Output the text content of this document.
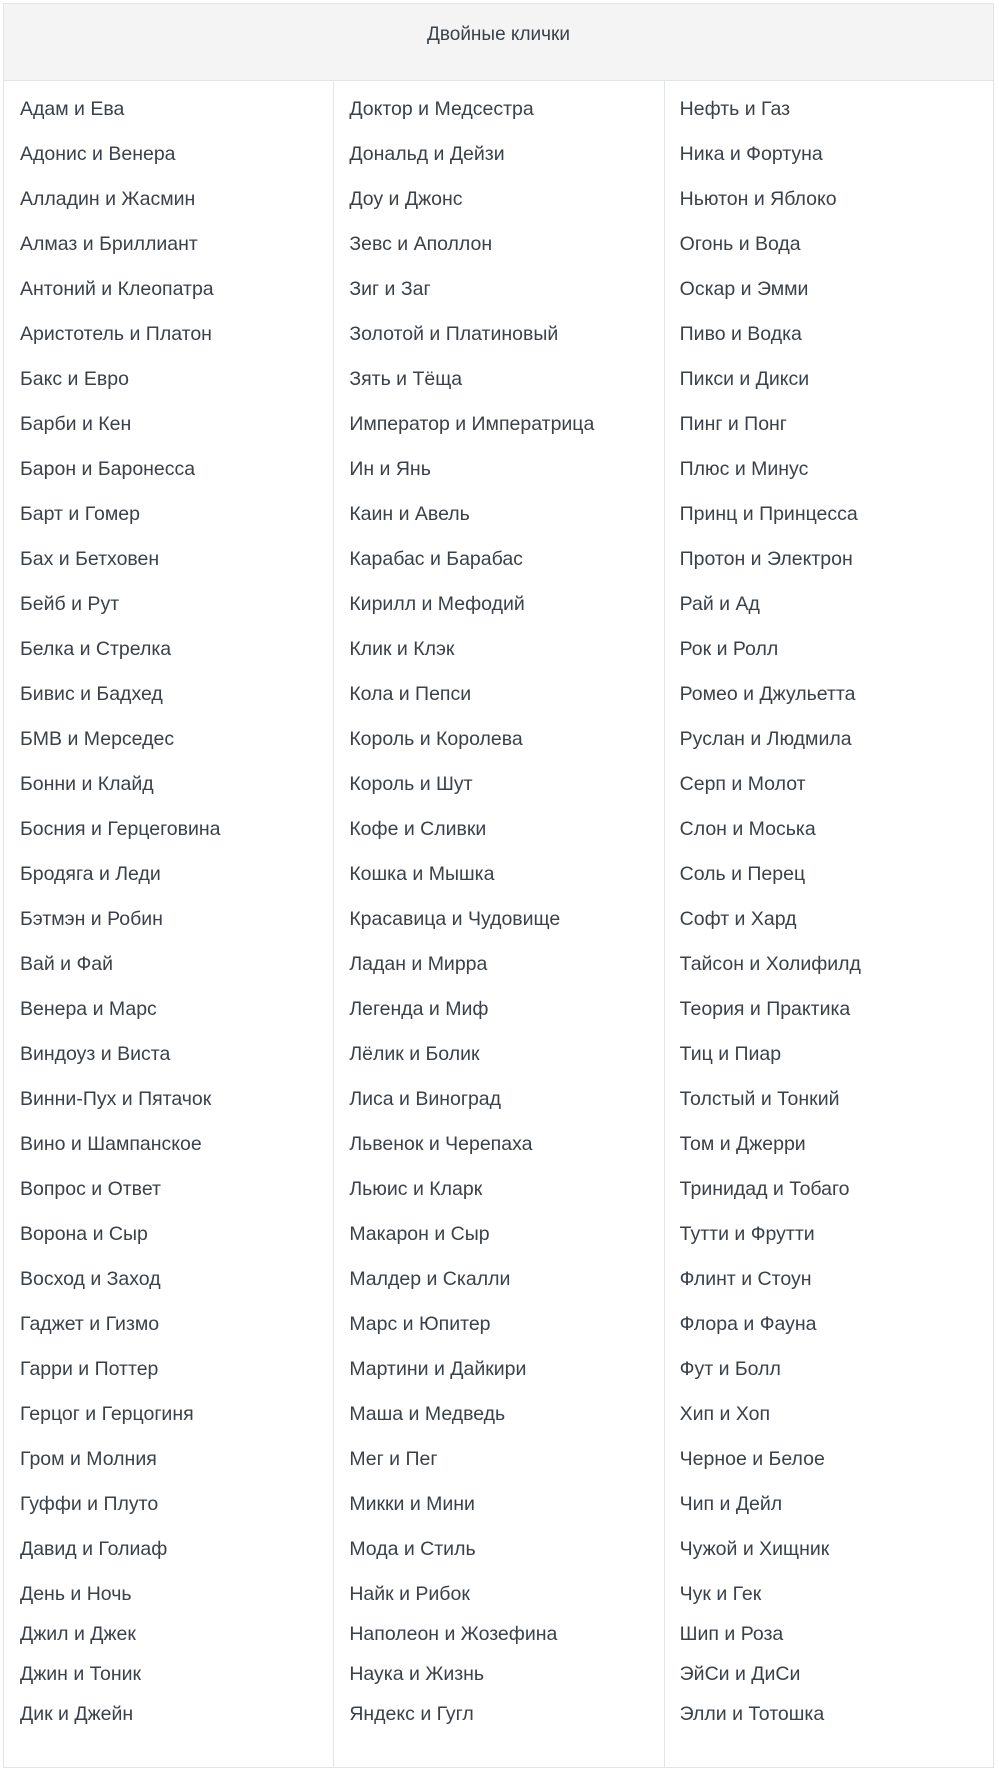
Двойные клички
Адам и Ева
Адонис и Венера
Алладин и Жасмин
Алмаз и Бриллиант
Антоний и Клеопатра
Аристотель и Платон
Бакс и Евро
Барби и Кен
Барон и Баронесса
Барт и Гомер
Бах и Бетховен
Бейб и Рут
Белка и Стрелка
Бивис и Бадхед
БМВ и Мерседес
Бонни и Клайд
Босния и Герцеговина
Бродяга и Леди
Бэтмэн и Робин
Вай и Фай
Венера и Марс
Виндоуз и Виста
Винни-Пух и Пятачок
Вино и Шампанское
Вопрос и Ответ
Ворона и Сыр
Восход и Заход
Гаджет и Гизмо
Гарри и Поттер
Герцог и Герцогиня
Гром и Молния
Гуффи и Плуто
Давид и Голиаф
День и Ночь
Джил и Джек
Джин и Тоник
Дик и Джейн
Доктор и Медсестра
Дональд и Дейзи
Доу и Джонс
Зевс и Аполлон
Зиг и Заг
Золотой и Платиновый
Зять и Тёща
Император и Императрица
Ин и Янь
Каин и Авель
Карабас и Барабас
Кирилл и Мефодий
Клик и Клэк
Кола и Пепси
Король и Королева
Король и Шут
Кофе и Сливки
Кошка и Мышка
Красавица и Чудовище
Ладан и Мирра
Легенда и Миф
Лёлик и Болик
Лиса и Виноград
Львенок и Черепаха
Льюис и Кларк
Макарон и Сыр
Малдер и Скалли
Марс и Юпитер
Мартини и Дайкири
Маша и Медведь
Мег и Пег
Микки и Мини
Мода и Стиль
Найк и Рибок
Наполеон и Жозефина
Наука и Жизнь
Яндекс и Гугл
Нефть и Газ
Ника и Фортуна
Ньютон и Яблоко
Огонь и Вода
Оскар и Эмми
Пиво и Водка
Пикси и Дикси
Пинг и Понг
Плюс и Минус
Принц и Принцесса
Протон и Электрон
Рай и Ад
Рок и Ролл
Ромео и Джульетта
Руслан и Людмила
Серп и Молот
Слон и Моська
Соль и Перец
Софт и Хард
Тайсон и Холифилд
Теория и Практика
Тиц и Пиар
Толстый и Тонкий
Том и Джерри
Тринидад и Тобаго
Тутти и Фрутти
Флинт и Стоун
Флора и Фауна
Фут и Болл
Хип и Хоп
Черное и Белое
Чип и Дейл
Чужой и Хищник
Чук и Гек
Шип и Роза
ЭйСи и ДиСи
Элли и Тотошка
